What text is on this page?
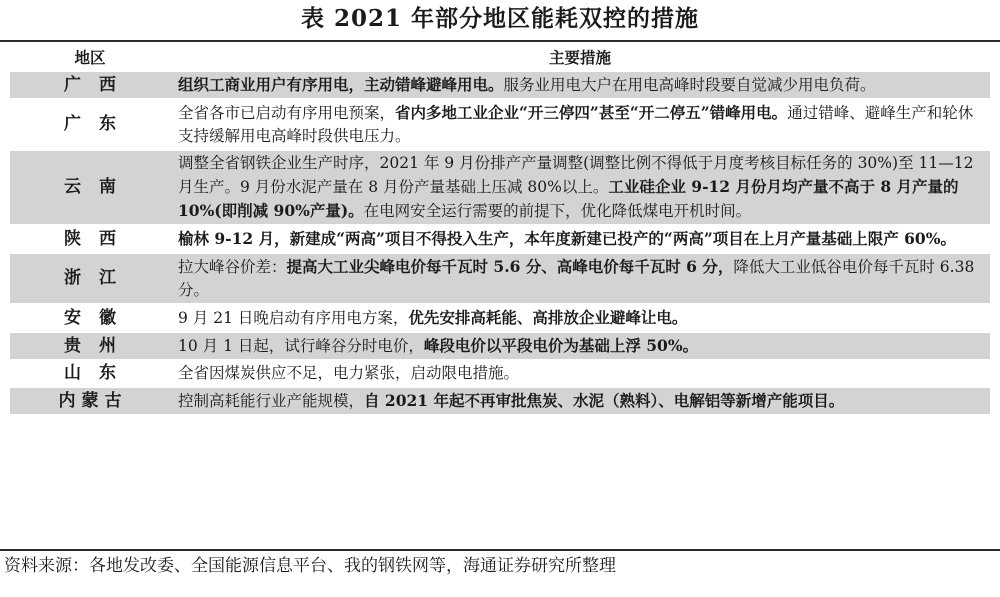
表 2021 年部分地区能耗双控的措施
地区	主要措施
广 西	组织工商业用户有序用电，主动错峰避峰用电。服务业用电大户在用电高峰时段要自觉减少用电负荷。
广 东	全省各市已启动有序用电预案，省内多地工业企业“开三停四”甚至“开二停五”错峰用电。通过错峰、避峰生产和轮休支持缓解用电高峰时段供电压力。
云 南	调整全省钢铁企业生产时序，2021 年 9 月份排产产量调整(调整比例不得低于月度考核目标任务的 30%)至 11—12 月生产。9 月份水泥产量在 8 月份产量基础上压减 80%以上。工业硅企业 9-12 月份月均产量不高于 8 月产量的 10%(即削减 90%产量)。在电网安全运行需要的前提下，优化降低煤电开机时间。
陕 西	榆林 9-12 月，新建成“两高”项目不得投入生产，本年度新建已投产的“两高”项目在上月产量基础上限产 60%。
浙 江	拉大峰谷价差：提高大工业尖峰电价每千瓦时 5.6 分、高峰电价每千瓦时 6 分，降低大工业低谷电价每千瓦时 6.38 分。
安 徽	9 月 21 日晚启动有序用电方案，优先安排高耗能、高排放企业避峰让电。
贵 州	10 月 1 日起，试行峰谷分时电价，峰段电价以平段电价为基础上浮 50%。
山 东	全省因煤炭供应不足，电力紧张，启动限电措施。
内蒙古	控制高耗能行业产能规模，自 2021 年起不再审批焦炭、水泥（熟料）、电解铝等新增产能项目。
资料来源：各地发改委、全国能源信息平台、我的钢铁网等，海通证券研究所整理
